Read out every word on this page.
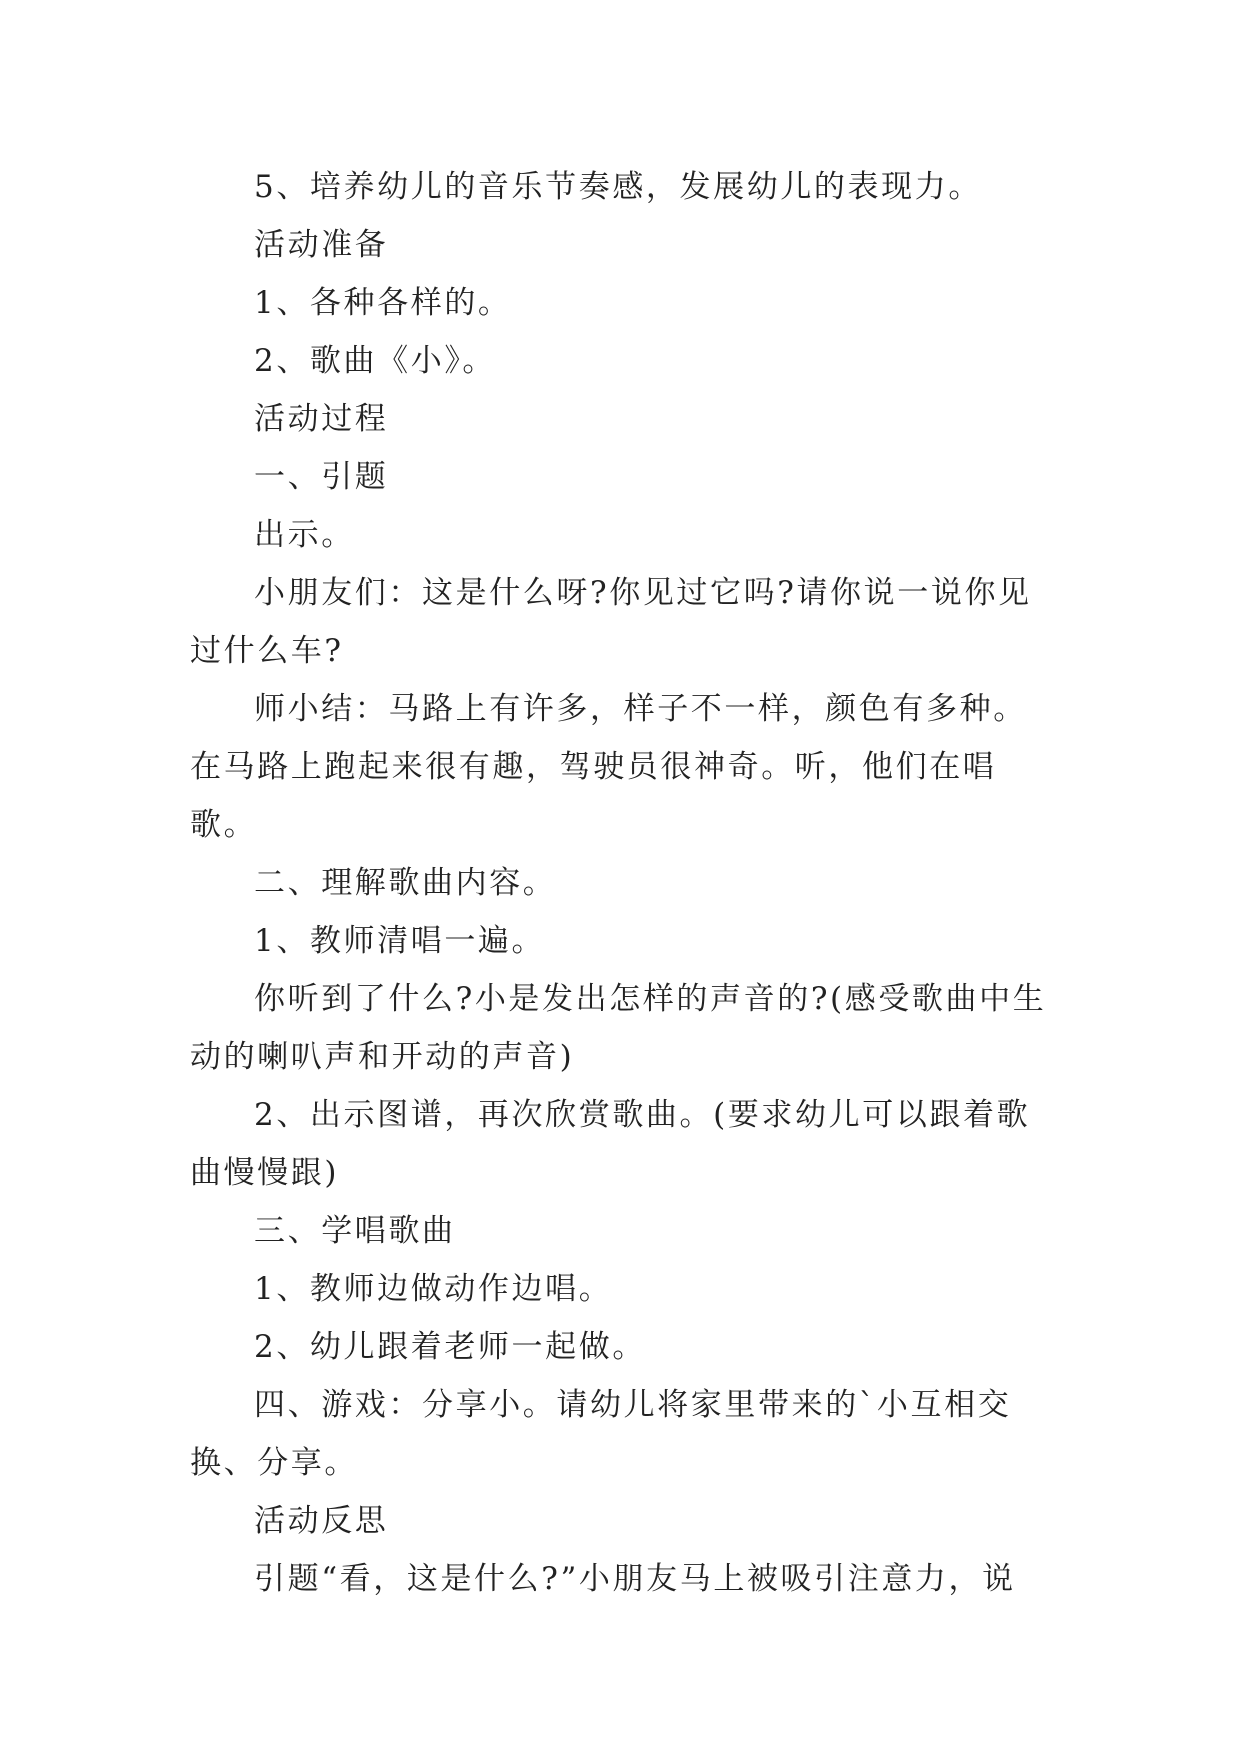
5、培养幼儿的音乐节奏感，发展幼儿的表现力。

活动准备

1、各种各样的。

2、歌曲《小》。

活动过程

一、引题

出示。

小朋友们：这是什么呀?你见过它吗?请你说一说你见过什么车?

师小结：马路上有许多，样子不一样，颜色有多种。在马路上跑起来很有趣，驾驶员很神奇。听，他们在唱歌。

二、理解歌曲内容。

1、教师清唱一遍。

你听到了什么?小是发出怎样的声音的?(感受歌曲中生动的喇叭声和开动的声音)

2、出示图谱，再次欣赏歌曲。(要求幼儿可以跟着歌曲慢慢跟)

三、学唱歌曲

1、教师边做动作边唱。

2、幼儿跟着老师一起做。

四、游戏：分享小。请幼儿将家里带来的`小互相交换、分享。

活动反思

引题“看，这是什么?”小朋友马上被吸引注意力，说
